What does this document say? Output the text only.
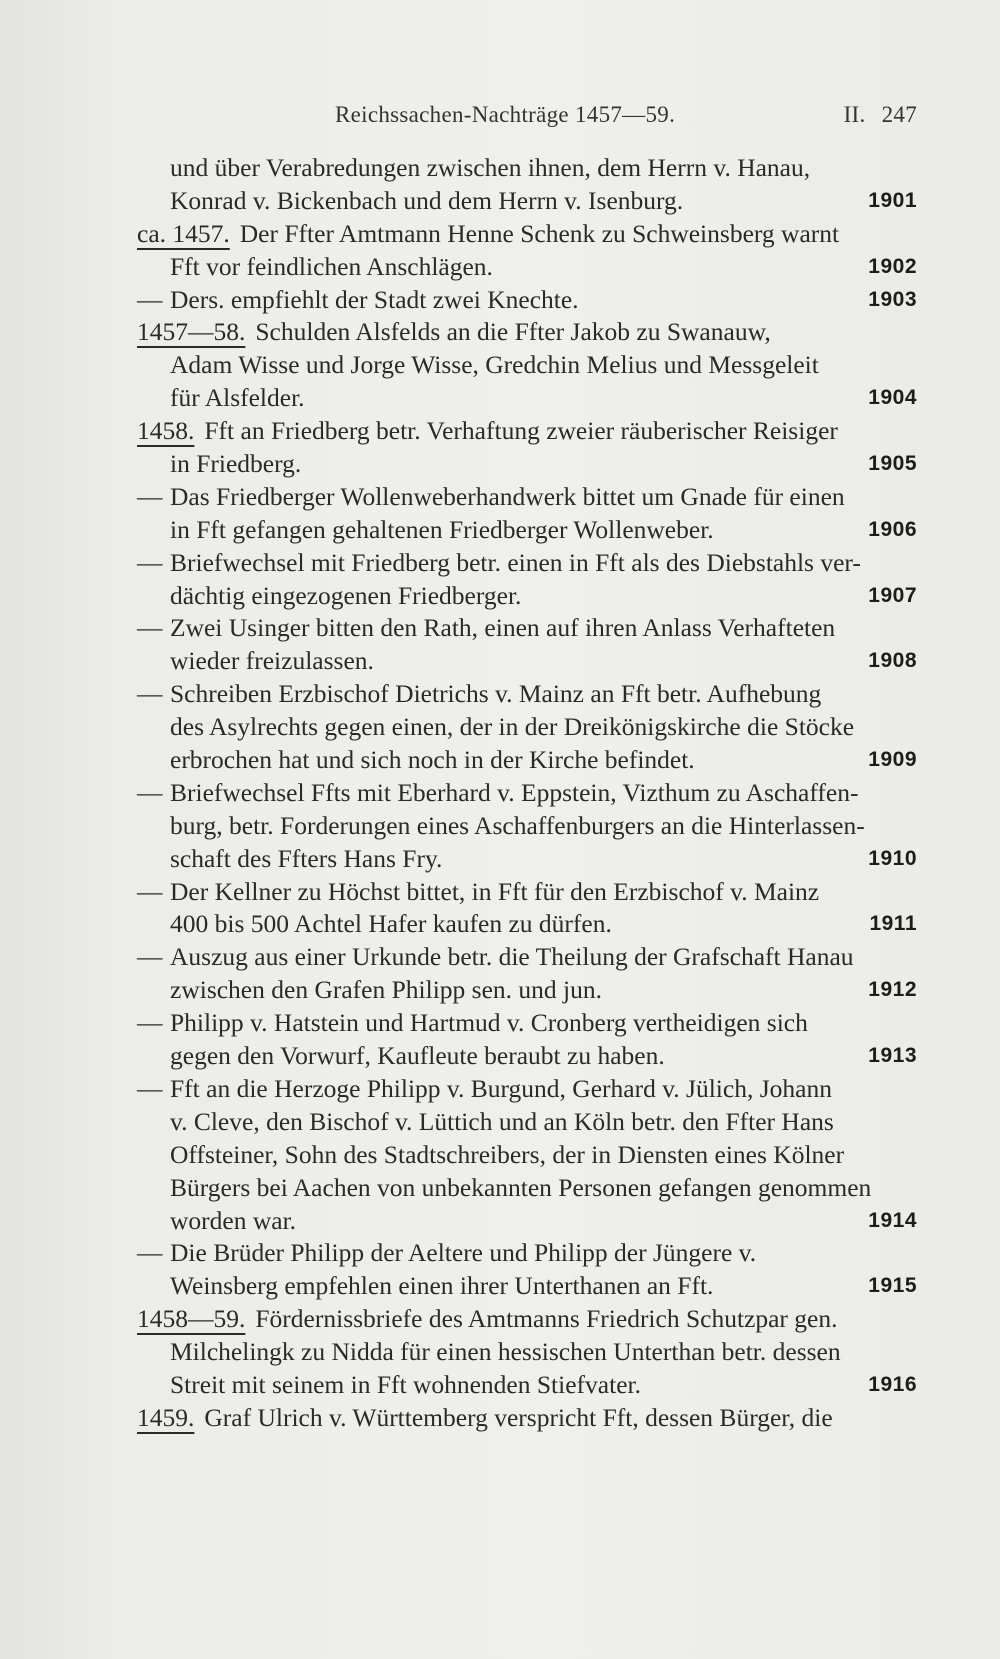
Reichssachen-Nachträge 1457—59.	II. 247
und über Verabredungen zwischen ihnen, dem Herrn v. Hanau,
Konrad v. Bickenbach und dem Herrn v. Isenburg.	1901
ca. 1457. Der Ffter Amtmann Henne Schenk zu Schweinsberg warnt
Fft vor feindlichen Anschlägen.	1902
— Ders. empfiehlt der Stadt zwei Knechte.	1903
1457—58. Schulden Alsfelds an die Ffter Jakob zu Swanauw,
Adam Wisse und Jorge Wisse, Gredchin Melius und Messgeleit
für Alsfelder.	1904
1458. Fft an Friedberg betr. Verhaftung zweier räuberischer Reisiger
in Friedberg.	1905
— Das Friedberger Wollenweberhandwerk bittet um Gnade für einen
in Fft gefangen gehaltenen Friedberger Wollenweber.	1906
— Briefwechsel mit Friedberg betr. einen in Fft als des Diebstahls ver-
dächtig eingezogenen Friedberger.	1907
— Zwei Usinger bitten den Rath, einen auf ihren Anlass Verhafteten
wieder freizulassen.	1908
— Schreiben Erzbischof Dietrichs v. Mainz an Fft betr. Aufhebung
des Asylrechts gegen einen, der in der Dreikönigskirche die Stöcke
erbrochen hat und sich noch in der Kirche befindet.	1909
— Briefwechsel Ffts mit Eberhard v. Eppstein, Vizthum zu Aschaffen-
burg, betr. Forderungen eines Aschaffenburgers an die Hinterlassen-
schaft des Ffters Hans Fry.	1910
— Der Kellner zu Höchst bittet, in Fft für den Erzbischof v. Mainz
400 bis 500 Achtel Hafer kaufen zu dürfen.	1911
— Auszug aus einer Urkunde betr. die Theilung der Grafschaft Hanau
zwischen den Grafen Philipp sen. und jun.	1912
— Philipp v. Hatstein und Hartmud v. Cronberg vertheidigen sich
gegen den Vorwurf, Kaufleute beraubt zu haben.	1913
— Fft an die Herzoge Philipp v. Burgund, Gerhard v. Jülich, Johann
v. Cleve, den Bischof v. Lüttich und an Köln betr. den Ffter Hans
Offsteiner, Sohn des Stadtschreibers, der in Diensten eines Kölner
Bürgers bei Aachen von unbekannten Personen gefangen genommen
worden war.	1914
— Die Brüder Philipp der Aeltere und Philipp der Jüngere v.
Weinsberg empfehlen einen ihrer Unterthanen an Fft.	1915
1458—59. Fördernissbriefe des Amtmanns Friedrich Schutzpar gen.
Milchelingk zu Nidda für einen hessischen Unterthan betr. dessen
Streit mit seinem in Fft wohnenden Stiefvater.	1916
1459. Graf Ulrich v. Württemberg verspricht Fft, dessen Bürger, die
